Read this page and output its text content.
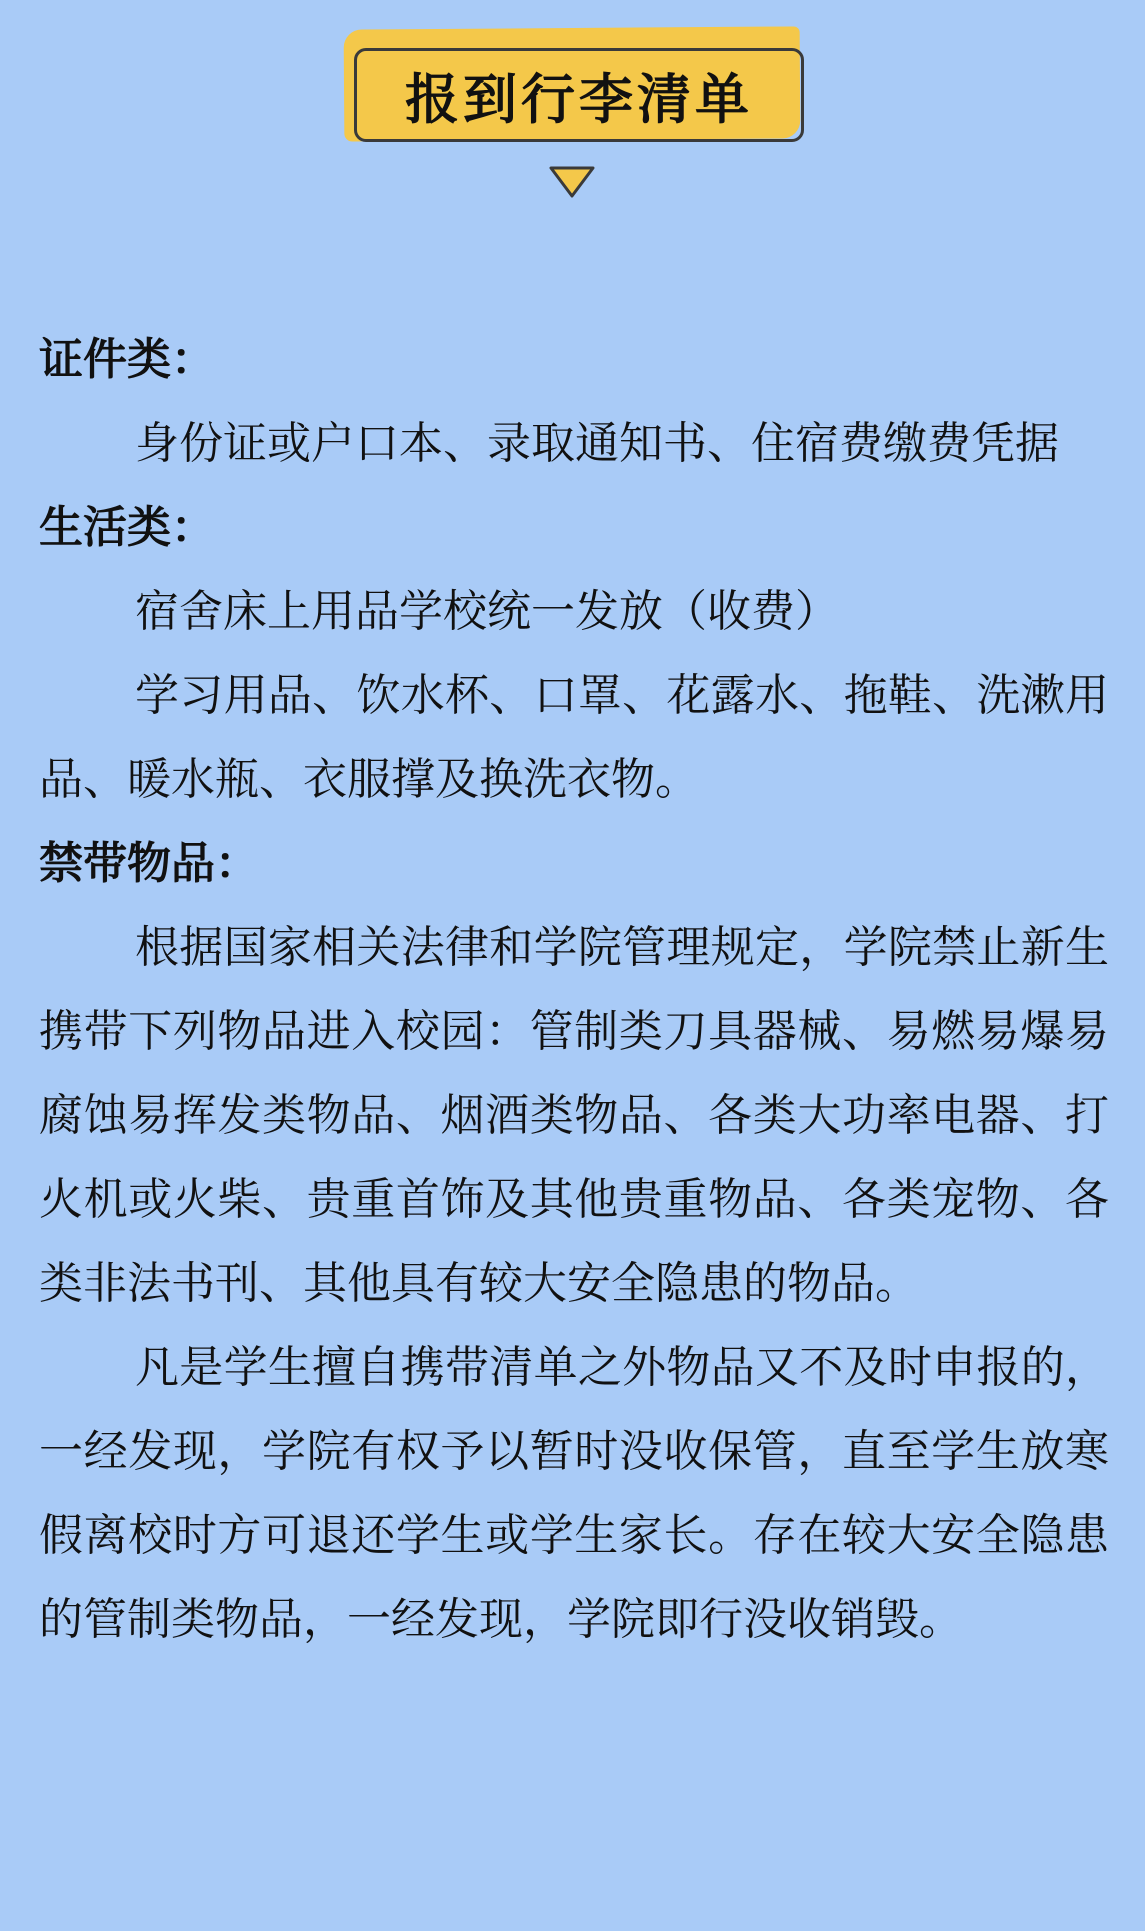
报到行李清单

证件类：

身份证或户口本、录取通知书、住宿费缴费凭据

生活类：

宿舍床上用品学校统一发放（收费）

学习用品、饮水杯、口罩、花露水、拖鞋、洗漱用品、暖水瓶、衣服撑及换洗衣物。

禁带物品：

根据国家相关法律和学院管理规定，学院禁止新生携带下列物品进入校园：管制类刀具器械、易燃易爆易腐蚀易挥发类物品、烟酒类物品、各类大功率电器、打火机或火柴、贵重首饰及其他贵重物品、各类宠物、各类非法书刊、其他具有较大安全隐患的物品。

凡是学生擅自携带清单之外物品又不及时申报的，一经发现，学院有权予以暂时没收保管，直至学生放寒假离校时方可退还学生或学生家长。存在较大安全隐患的管制类物品，一经发现，学院即行没收销毁。
